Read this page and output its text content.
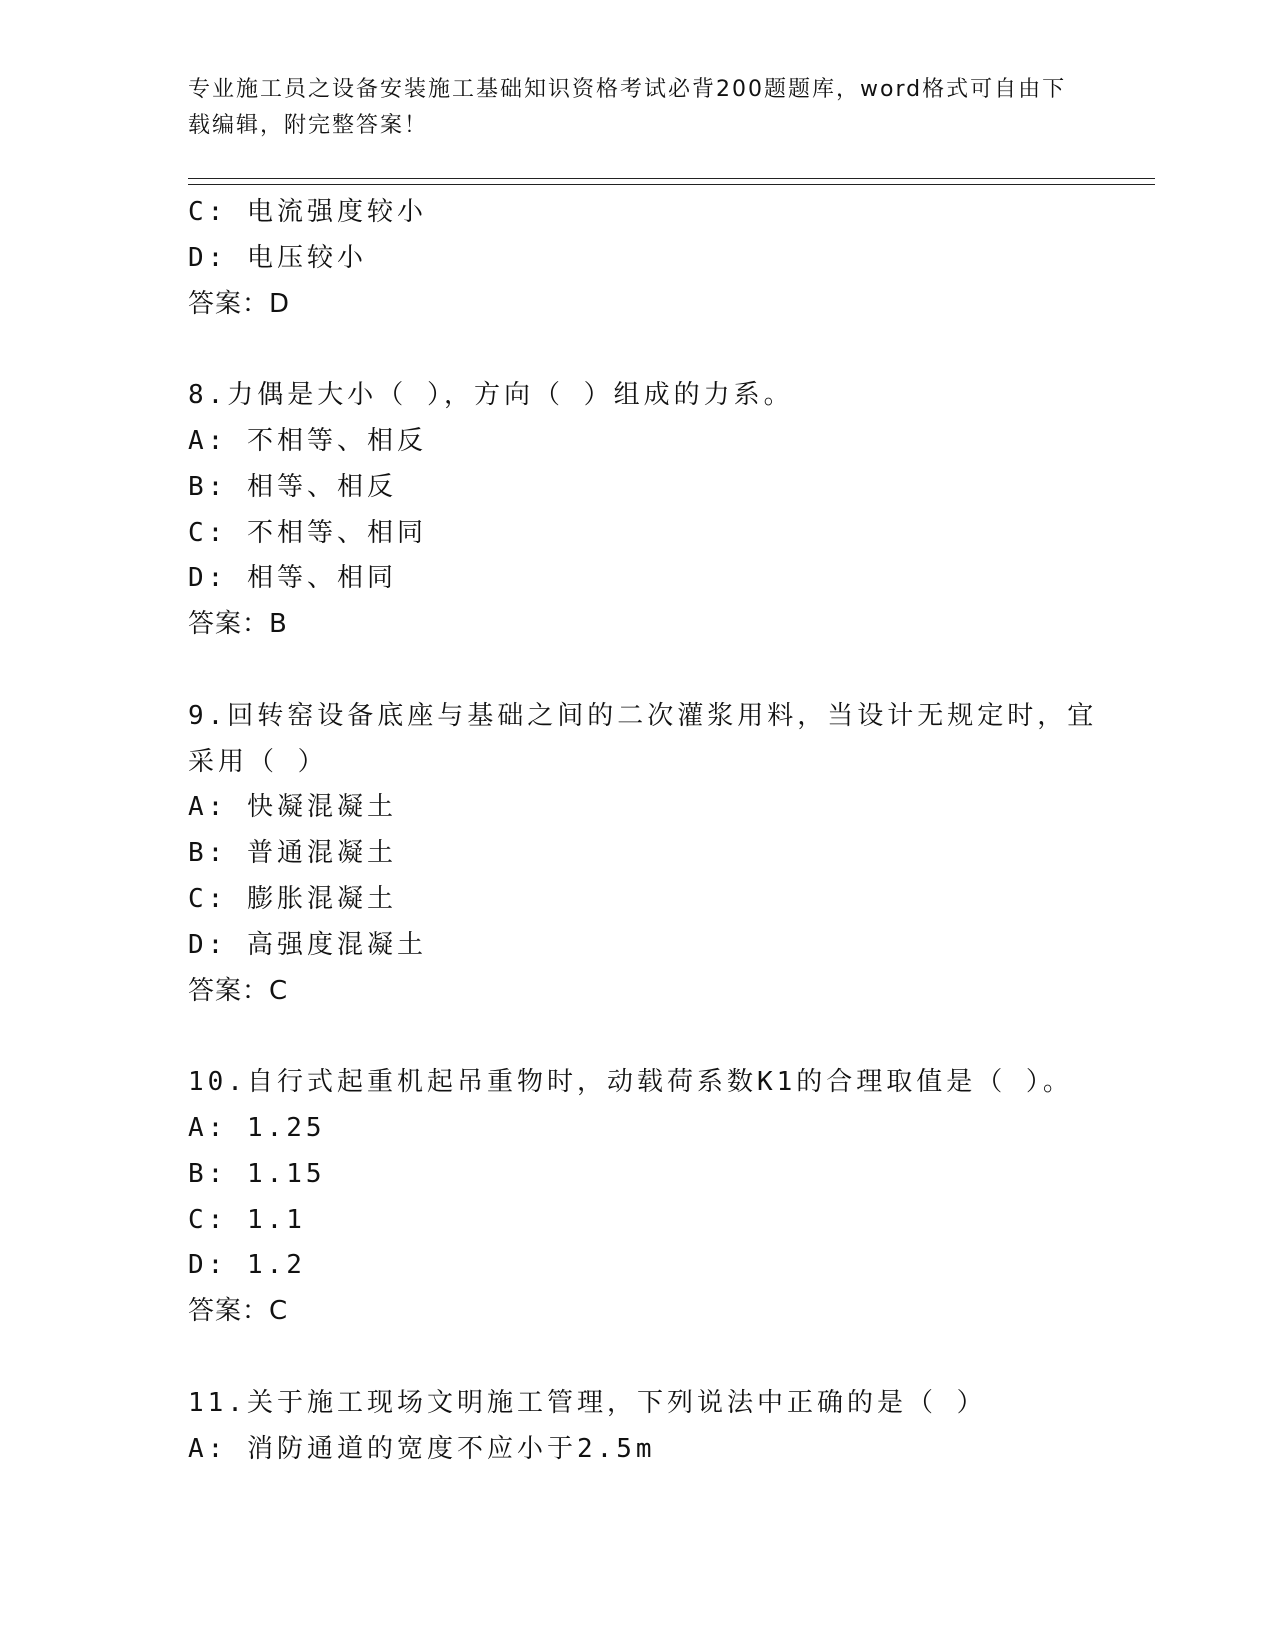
专业施工员之设备安装施工基础知识资格考试必背200题题库，word格式可自由下载编辑，附完整答案！
C: 电流强度较小
D: 电压较小
答案：D
8.力偶是大小（ ），方向（ ）组成的力系。
A: 不相等、相反
B: 相等、相反
C: 不相等、相同
D: 相等、相同
答案：B
9.回转窑设备底座与基础之间的二次灌浆用料，当设计无规定时，宜
采用（ ）
A: 快凝混凝土
B: 普通混凝土
C: 膨胀混凝土
D: 高强度混凝土
答案：C
10.自行式起重机起吊重物时，动载荷系数K1的合理取值是（ ）。
A: 1.25
B: 1.15
C: 1.1
D: 1.2
答案：C
11.关于施工现场文明施工管理，下列说法中正确的是（ ）
A: 消防通道的宽度不应小于2.5m
